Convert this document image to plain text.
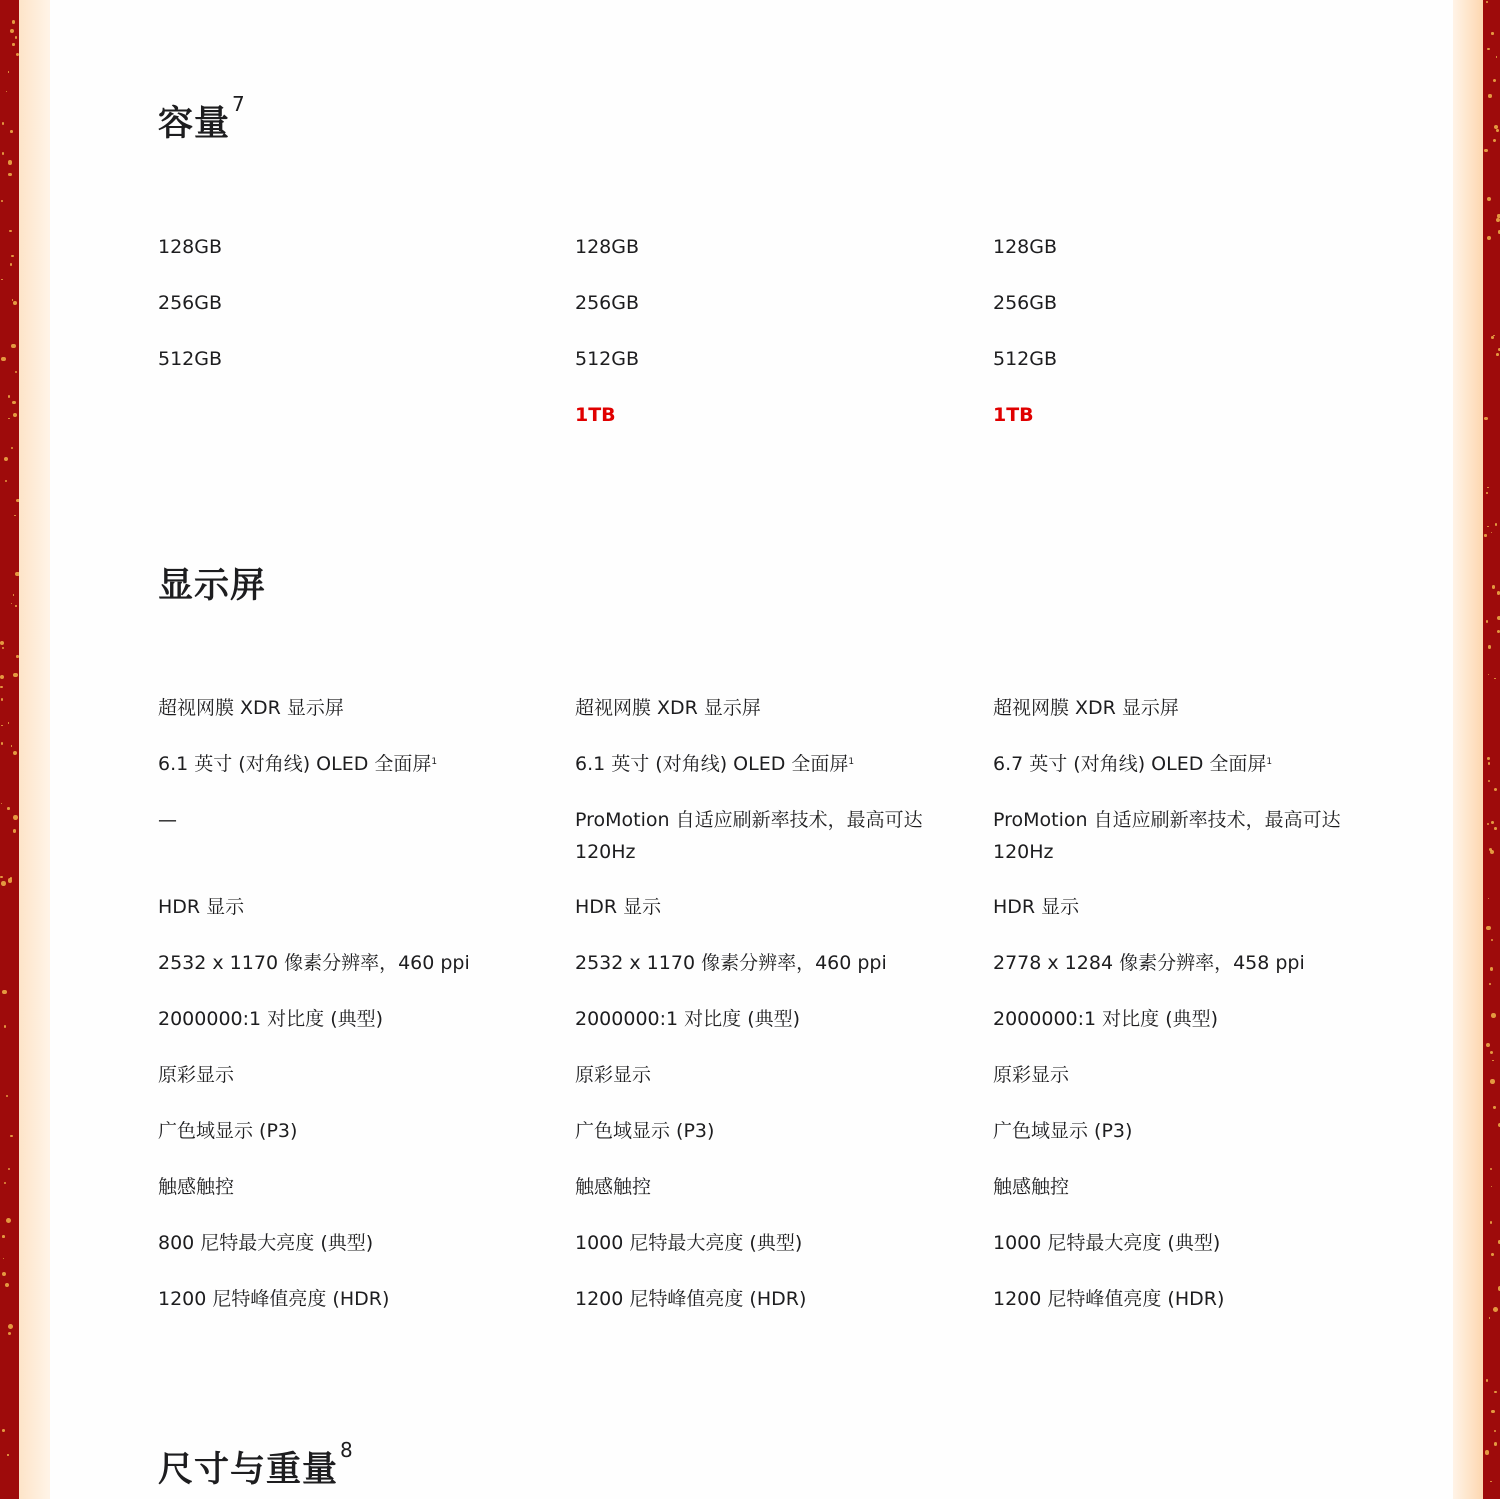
容量 $^7$
128GB
256GB
512GB
128GB
256GB
512GB
1TB
128GB
256GB
512GB
1TB
显示屏
超视网膜 XDR 显示屏
6.1 英寸 (对角线) OLED 全面屏$^1$
—
HDR 显示
2532 x 1170 像素分辨率，460 ppi
2000000:1 对比度 (典型)
原彩显示
广色域显示 (P3)
触感触控
800 尼特最大亮度 (典型)
1200 尼特峰值亮度 (HDR)
超视网膜 XDR 显示屏
6.1 英寸 (对角线) OLED 全面屏$^1$
ProMotion 自适应刷新率技术，最高可达 120Hz
HDR 显示
2532 x 1170 像素分辨率，460 ppi
2000000:1 对比度 (典型)
原彩显示
广色域显示 (P3)
触感触控
1000 尼特最大亮度 (典型)
1200 尼特峰值亮度 (HDR)
超视网膜 XDR 显示屏
6.7 英寸 (对角线) OLED 全面屏$^1$
ProMotion 自适应刷新率技术，最高可达 120Hz
HDR 显示
2778 x 1284 像素分辨率，458 ppi
2000000:1 对比度 (典型)
原彩显示
广色域显示 (P3)
触感触控
1000 尼特最大亮度 (典型)
1200 尼特峰值亮度 (HDR)
尺寸与重量 $^8$
